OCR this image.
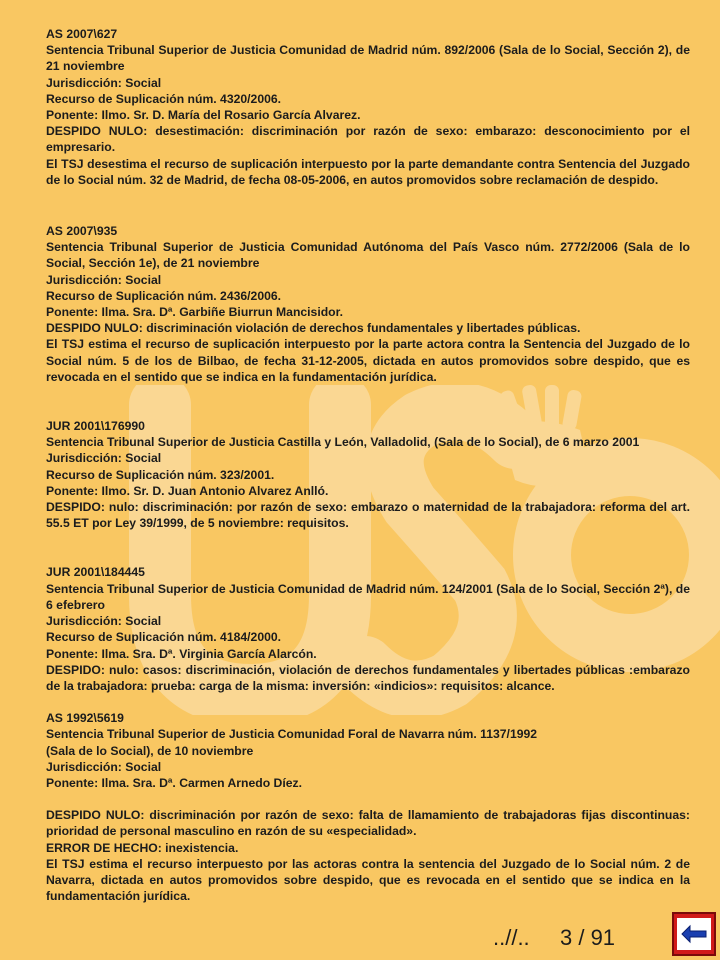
AS 2007\627

Sentencia Tribunal Superior de Justicia Comunidad de Madrid núm. 892/2006 (Sala de lo Social, Sección 2), de 21 noviembre

Jurisdicción: Social

Recurso de Suplicación núm. 4320/2006.

Ponente: Ilmo. Sr. D. María del Rosario García Alvarez.

DESPIDO NULO: desestimación: discriminación por razón de sexo: embarazo: desconocimiento por el empresario.

El TSJ desestima el recurso de suplicación interpuesto por la parte demandante contra Sentencia del Juzgado de lo Social núm. 32 de Madrid, de fecha 08-05-2006, en autos promovidos sobre reclamación de despido.

AS 2007\935

Sentencia Tribunal Superior de Justicia Comunidad Autónoma del País Vasco núm. 2772/2006 (Sala de lo Social, Sección 1e), de 21 noviembre

Jurisdicción: Social

Recurso de Suplicación núm. 2436/2006.

Ponente: Ilma. Sra. Dª. Garbiñe Biurrun Mancisidor.

DESPIDO NULO: discriminación violación de derechos fundamentales y libertades públicas.

El TSJ estima el recurso de suplicación interpuesto por la parte actora contra la Sentencia del Juzgado de lo Social núm. 5 de los de Bilbao, de fecha 31-12-2005, dictada en autos promovidos sobre despido, que es revocada en el sentido que se indica en la fundamentación jurídica.

JUR 2001\176990

Sentencia Tribunal Superior de Justicia Castilla y León, Valladolid, (Sala de lo Social), de 6 marzo 2001

Jurisdicción: Social

Recurso de Suplicación núm. 323/2001.

Ponente: Ilmo. Sr. D. Juan Antonio Alvarez Anlló.

DESPIDO: nulo: discriminación: por razón de sexo: embarazo o maternidad de la trabajadora: reforma del art. 55.5 ET por Ley 39/1999, de 5 noviembre: requisitos.

JUR 2001\184445

Sentencia Tribunal Superior de Justicia Comunidad de Madrid núm. 124/2001 (Sala de lo Social, Sección 2ª), de 6 efebrero

Jurisdicción: Social

Recurso de Suplicación núm. 4184/2000.

Ponente: Ilma. Sra. Dª. Virginia García Alarcón.

DESPIDO: nulo: casos: discriminación, violación de derechos fundamentales y libertades públicas :embarazo de la trabajadora: prueba: carga de la misma: inversión: «indicios»: requisitos: alcance.

AS 1992\5619

Sentencia Tribunal Superior de Justicia Comunidad Foral de Navarra núm. 1137/1992

(Sala de lo Social), de 10 noviembre

Jurisdicción: Social

Ponente: Ilma. Sra. Dª. Carmen Arnedo Díez.

DESPIDO NULO: discriminación por razón de sexo: falta de llamamiento de trabajadoras fijas discontinuas: prioridad de personal masculino en razón de su «especialidad».

ERROR DE HECHO: inexistencia.

El TSJ estima el recurso interpuesto por las actoras contra la sentencia del Juzgado de lo Social núm. 2 de Navarra, dictada en autos promovidos sobre despido, que es revocada en el sentido que se indica en la fundamentación jurídica.

..//.. 3 / 91
